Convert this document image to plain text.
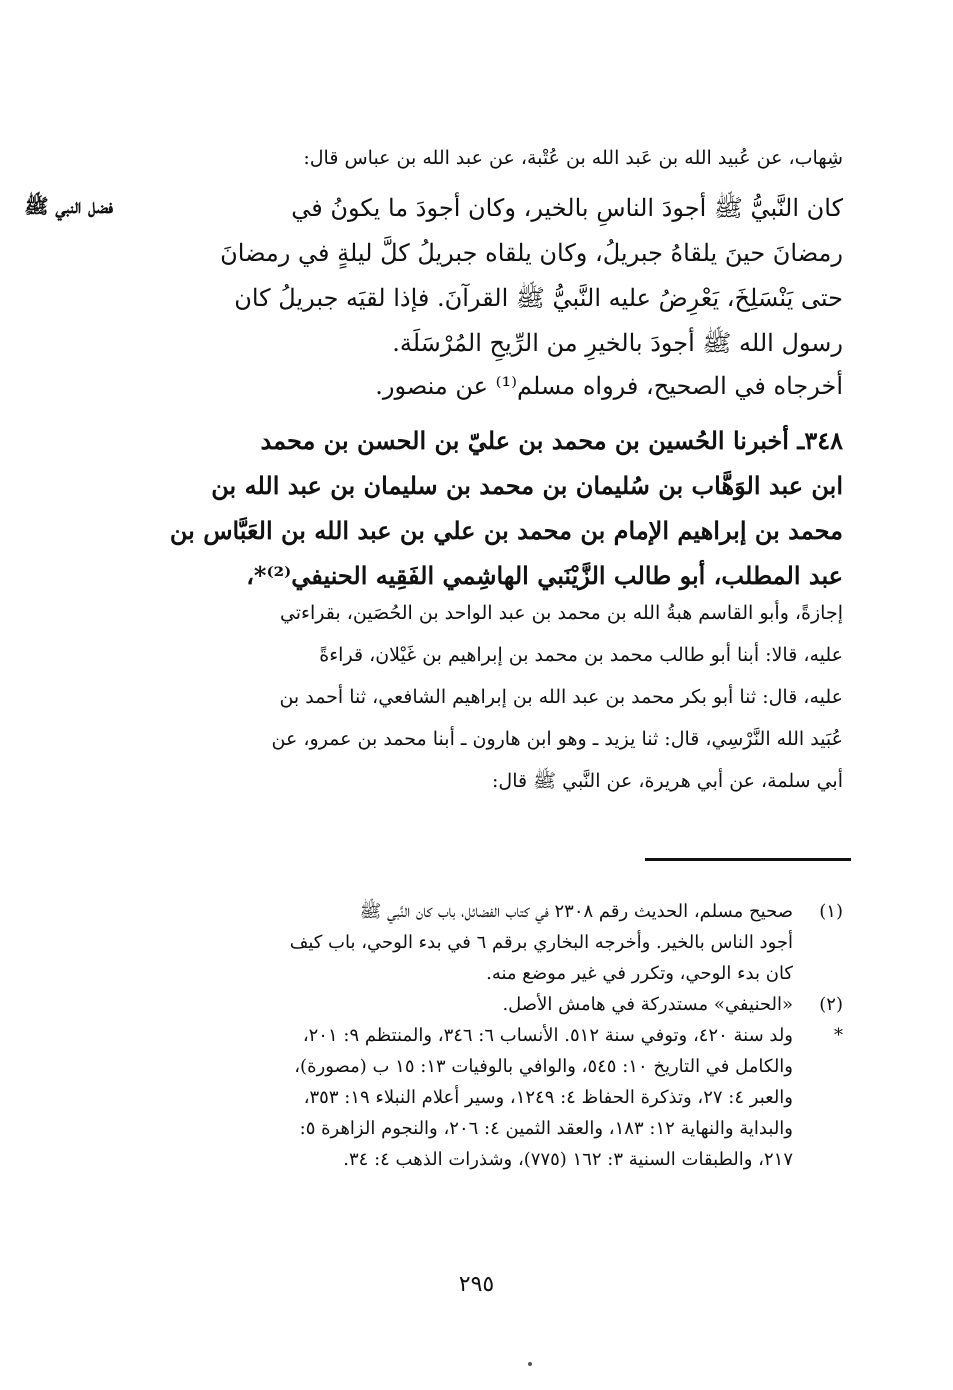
شِهاب، عن عُبيد الله بن عَبد الله بن عُتْبة، عن عبد الله بن عباس قال:
فضل النبي ﷺ	كان النَّبيُّ ﷺ أجودَ الناسِ بالخير، وكان أجودَ ما يكونُ في
رمضانَ حينَ يلقاهُ جبريلُ، وكان يلقاه جبريلُ كلَّ ليلةٍ في رمضانَ
حتى يَنْسَلِخَ، يَعْرِضُ عليه النَّبيُّ ﷺ القرآنَ. فإذا لقيَه جبريلُ كان
رسول الله ﷺ أجودَ بالخيرِ من الرِّيحِ المُرْسَلَة.
أخرجاه في الصحيح، فرواه مسلم⁽¹⁾ عن منصور.
٣٤٨ـ أخبرنا الحُسين بن محمد بن عليّ بن الحسن بن محمد
ابن عبد الوَهَّاب بن سُليمان بن محمد بن سليمان بن عبد الله بن
محمد بن إبراهيم الإمام بن محمد بن علي بن عبد الله بن العَبَّاس بن
عبد المطلب، أبو طالب الزَّيْنَبي الهاشِمي الفَقِيه الحنيفي⁽²⁾*،
إجازةً، وأبو القاسم هبةُ الله بن محمد بن عبد الواحد بن الحُصَين، بقراءتي
عليه، قالا: أبنا أبو طالب محمد بن محمد بن إبراهيم بن غَيْلان، قراءةً
عليه، قال: ثنا أبو بكر محمد بن عبد الله بن إبراهيم الشافعي، ثنا أحمد بن
عُبَيد الله النَّرْسِي، قال: ثنا يزيد ـ وهو ابن هارون ـ أبنا محمد بن عمرو، عن
أبي سلمة، عن أبي هريرة، عن النَّبي ﷺ قال:
(١)
صحيح مسلم، الحديث رقم ٢٣٠٨ في كتاب الفضائل، باب كان النَّبي ﷺ
أجود الناس بالخير. وأخرجه البخاري برقم ٦ في بدء الوحي، باب كيف
كان بدء الوحي، وتكرر في غير موضع منه.
(٢)
«الحنيفي» مستدركة في هامش الأصل.
*
ولد سنة ٤٢٠، وتوفي سنة ٥١٢. الأنساب ٦: ٣٤٦، والمنتظم ٩: ٢٠١،
والكامل في التاريخ ١٠: ٥٤٥، والوافي بالوفيات ١٣: ١٥ ب (مصورة)،
والعبر ٤: ٢٧، وتذكرة الحفاظ ٤: ١٢٤٩، وسير أعلام النبلاء ١٩: ٣٥٣،
والبداية والنهاية ١٢: ١٨٣، والعقد الثمين ٤: ٢٠٦، والنجوم الزاهرة ٥:
٢١٧، والطبقات السنية ٣: ١٦٢ (٧٧٥)، وشذرات الذهب ٤: ٣٤.
٢٩٥
